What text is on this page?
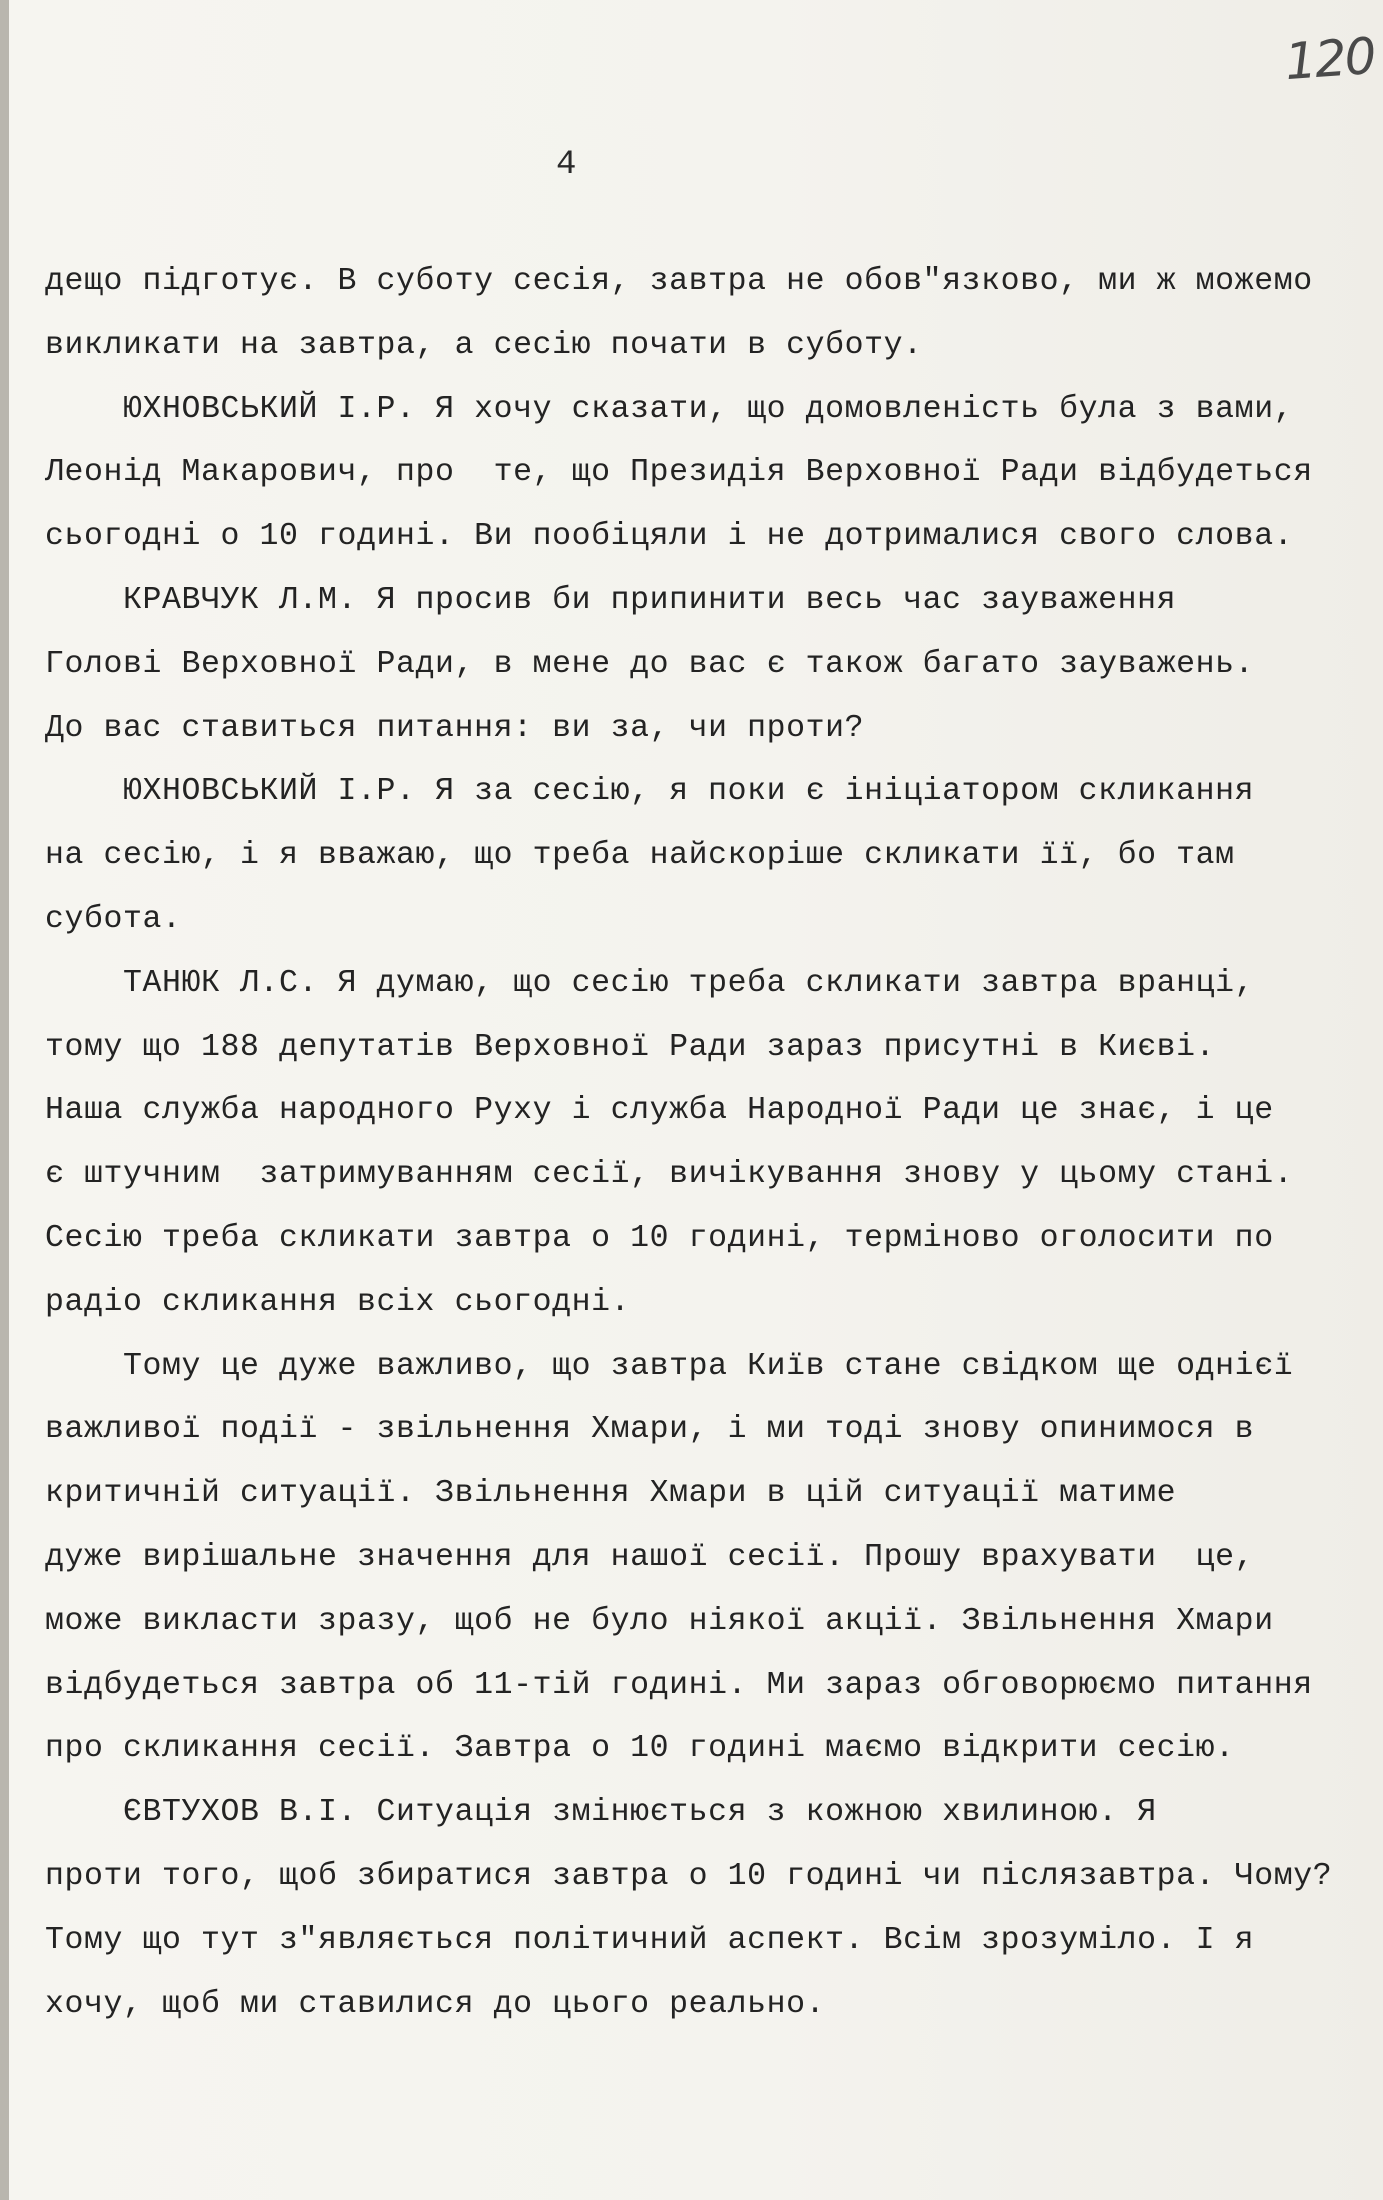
120
4
дещо підготує. В суботу сесія, завтра не обов"язково, ми ж можемо
викликати на завтра, а сесію почати в суботу.
ЮХНОВСЬКИЙ І.Р. Я хочу сказати, що домовленість була з вами,
Леонід Макарович, про  те, що Президія Верховної Ради відбудеться
сьогодні о 10 годині. Ви пообіцяли і не дотрималися свого слова.
КРАВЧУК Л.М. Я просив би припинити весь час зауваження
Голові Верховної Ради, в мене до вас є також багато зауважень.
До вас ставиться питання: ви за, чи проти?
ЮХНОВСЬКИЙ І.Р. Я за сесію, я поки є ініціатором скликання
на сесію, і я вважаю, що треба найскоріше скликати її, бо там
субота.
ТАНЮК Л.С. Я думаю, що сесію треба скликати завтра вранці,
тому що 188 депутатів Верховної Ради зараз присутні в Києві.
Наша служба народного Руху і служба Народної Ради це знає, і це
є штучним  затримуванням сесії, вичікування знову у цьому стані.
Сесію треба скликати завтра о 10 годині, терміново оголосити по
радіо скликання всіх сьогодні.
Тому це дуже важливо, що завтра Київ стане свідком ще однієї
важливої події - звільнення Хмари, і ми тоді знову опинимося в
критичній ситуації. Звільнення Хмари в цій ситуації матиме
дуже вирішальне значення для нашої сесії. Прошу врахувати  це,
може викласти зразу, щоб не було ніякої акції. Звільнення Хмари
відбудеться завтра об 11-тій годині. Ми зараз обговорюємо питання
про скликання сесії. Завтра о 10 годині маємо відкрити сесію.
ЄВТУХОВ В.І. Ситуація змінюється з кожною хвилиною. Я
проти того, щоб збиратися завтра о 10 годині чи післязавтра. Чому?
Тому що тут з"являється політичний аспект. Всім зрозуміло. І я
хочу, щоб ми ставилися до цього реально.
